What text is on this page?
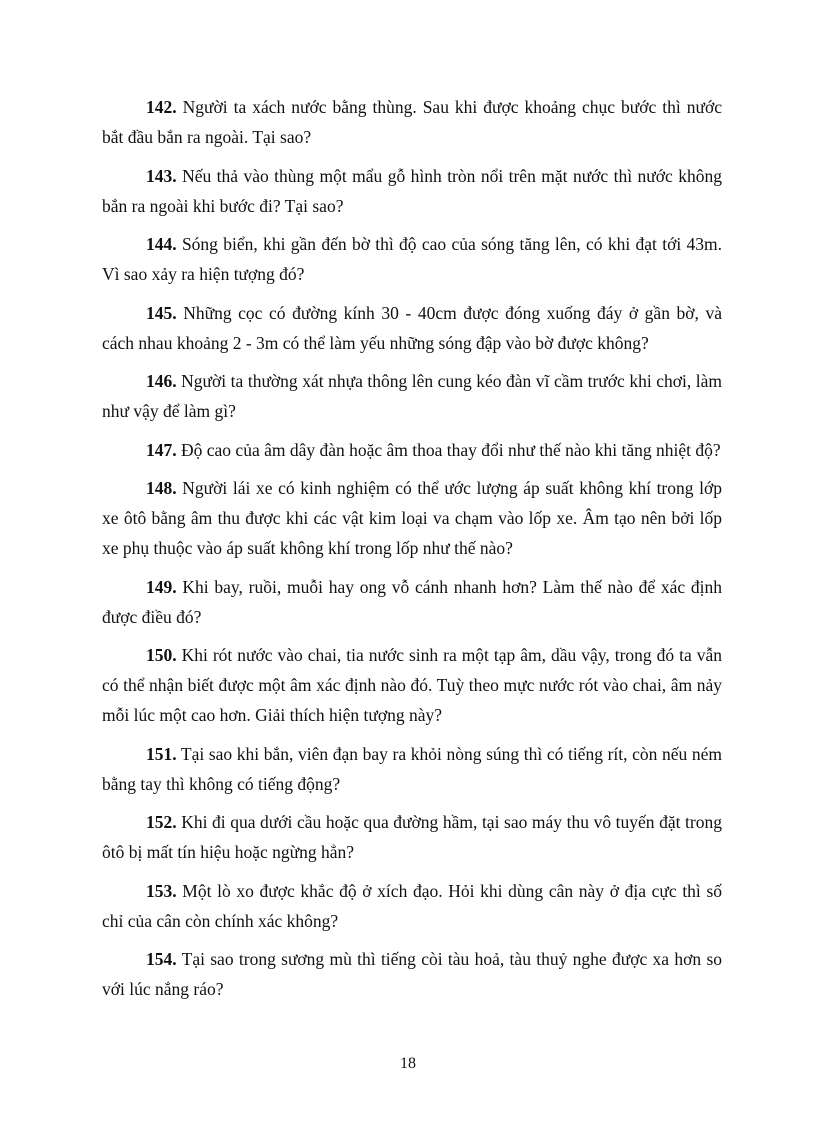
142. Người ta xách nước bằng thùng. Sau khi được khoảng chục bước thì nước bắt đầu bắn ra ngoài. Tại sao?
143. Nếu thả vào thùng một mẩu gỗ hình tròn nổi trên mặt nước thì nước không bắn ra ngoài khi bước đi? Tại sao?
144. Sóng biển, khi gần đến bờ thì độ cao của sóng tăng lên, có khi đạt tới 43m. Vì sao xảy ra hiện tượng đó?
145. Những cọc có đường kính 30 - 40cm được đóng xuống đáy ở gần bờ, và cách nhau khoảng 2 - 3m có thể làm yếu những sóng đập vào bờ được không?
146. Người ta thường xát nhựa thông lên cung kéo đàn vĩ cầm trước khi chơi, làm như vậy để làm gì?
147. Độ cao của âm dây đàn hoặc âm thoa thay đổi như thế nào khi tăng nhiệt độ?
148. Người lái xe có kinh nghiệm có thể ước lượng áp suất không khí trong lớp xe ôtô bằng âm thu được khi các vật kim loại va chạm vào lốp xe. Âm tạo nên bởi lốp xe phụ thuộc vào áp suất không khí trong lốp như thế nào?
149. Khi bay, ruồi, muỗi hay ong vỗ cánh nhanh hơn? Làm thế nào để xác định được điều đó?
150. Khi rót nước vào chai, tia nước sinh ra một tạp âm, dầu vậy, trong đó ta vẫn có thể nhận biết được một âm xác định nào đó. Tuỳ theo mực nước rót vào chai, âm nảy mỗi lúc một cao hơn. Giải thích hiện tượng này?
151. Tại sao khi bắn, viên đạn bay ra khỏi nòng súng thì có tiếng rít, còn nếu ném bằng tay thì không có tiếng động?
152. Khi đi qua dưới cầu hoặc qua đường hầm, tại sao máy thu vô tuyến đặt trong ôtô bị mất tín hiệu hoặc ngừng hẳn?
153. Một lò xo được khắc độ ở xích đạo. Hỏi khi dùng cân này ở địa cực thì số chỉ của cân còn chính xác không?
154. Tại sao trong sương mù thì tiếng còi tàu hoả, tàu thuỷ nghe được xa hơn so với lúc nắng ráo?
18
